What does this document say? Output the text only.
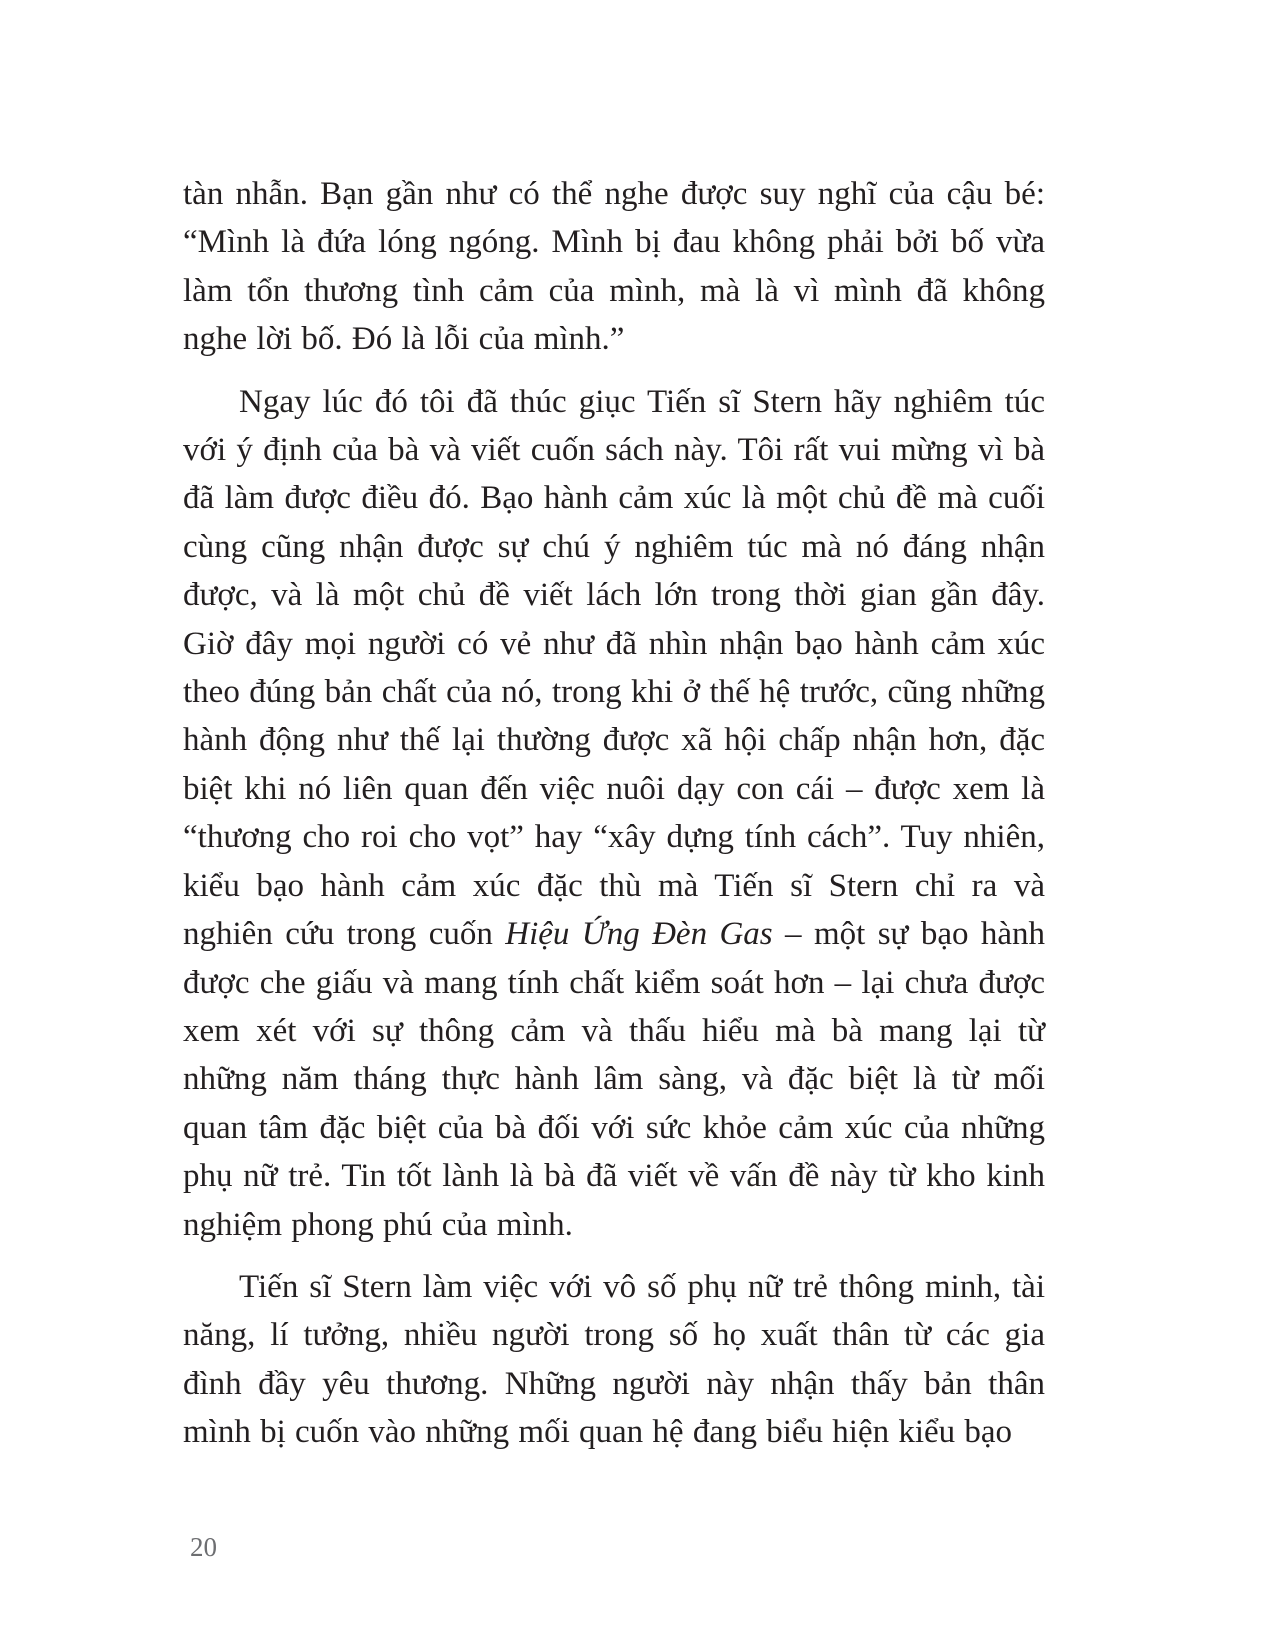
tàn nhẫn. Bạn gần như có thể nghe được suy nghĩ của cậu bé: “Mình là đứa lóng ngóng. Mình bị đau không phải bởi bố vừa làm tổn thương tình cảm của mình, mà là vì mình đã không nghe lời bố. Đó là lỗi của mình.”

Ngay lúc đó tôi đã thúc giục Tiến sĩ Stern hãy nghiêm túc với ý định của bà và viết cuốn sách này. Tôi rất vui mừng vì bà đã làm được điều đó. Bạo hành cảm xúc là một chủ đề mà cuối cùng cũng nhận được sự chú ý nghiêm túc mà nó đáng nhận được, và là một chủ đề viết lách lớn trong thời gian gần đây. Giờ đây mọi người có vẻ như đã nhìn nhận bạo hành cảm xúc theo đúng bản chất của nó, trong khi ở thế hệ trước, cũng những hành động như thế lại thường được xã hội chấp nhận hơn, đặc biệt khi nó liên quan đến việc nuôi dạy con cái – được xem là “thương cho roi cho vọt” hay “xây dựng tính cách”. Tuy nhiên, kiểu bạo hành cảm xúc đặc thù mà Tiến sĩ Stern chỉ ra và nghiên cứu trong cuốn Hiệu Ứng Đèn Gas – một sự bạo hành được che giấu và mang tính chất kiểm soát hơn – lại chưa được xem xét với sự thông cảm và thấu hiểu mà bà mang lại từ những năm tháng thực hành lâm sàng, và đặc biệt là từ mối quan tâm đặc biệt của bà đối với sức khỏe cảm xúc của những phụ nữ trẻ. Tin tốt lành là bà đã viết về vấn đề này từ kho kinh nghiệm phong phú của mình.

Tiến sĩ Stern làm việc với vô số phụ nữ trẻ thông minh, tài năng, lí tưởng, nhiều người trong số họ xuất thân từ các gia đình đầy yêu thương. Những người này nhận thấy bản thân mình bị cuốn vào những mối quan hệ đang biểu hiện kiểu bạo

20
